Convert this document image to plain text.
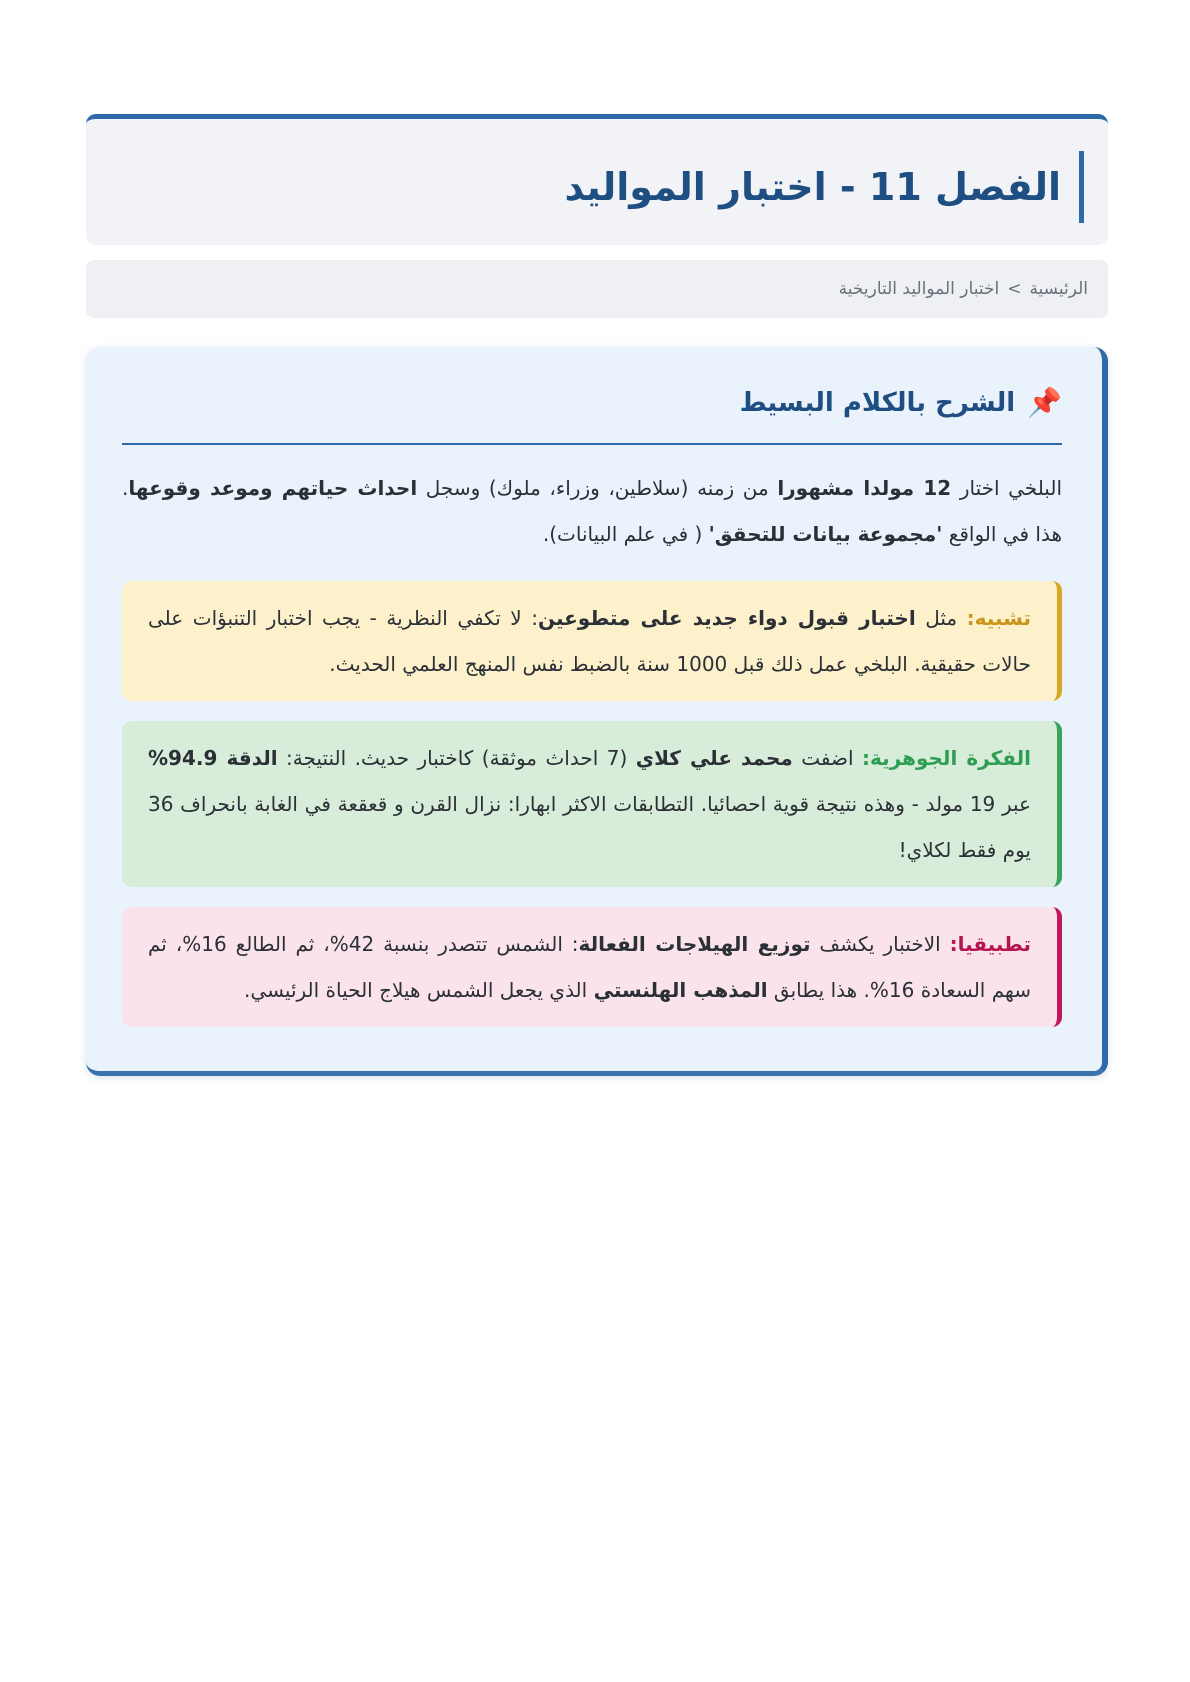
الفصل 11 - اختبار المواليد
الرئيسية
>
اختبار المواليد التاريخية
📌
الشرح بالكلام البسيط

البلخي اختار 12 مولدا مشهورا من زمنه (سلاطين، وزراء، ملوك) وسجل احداث حياتهم وموعد وقوعها. هذا في الواقع 'مجموعة بيانات للتحقق' ( في علم البيانات).

تشبيه: مثل اختبار قبول دواء جديد على متطوعين: لا تكفي النظرية - يجب اختبار التنبؤات على حالات حقيقية. البلخي عمل ذلك قبل 1000 سنة بالضبط نفس المنهج العلمي الحديث.
الفكرة الجوهرية: اضفت محمد علي كلاي (7 احداث موثقة) كاختبار حديث. النتيجة: الدقة 94.9% عبر 19 مولد - وهذه نتيجة قوية احصائيا. التطابقات الاكثر ابهارا: نزال القرن و قعقعة في الغابة بانحراف 36 يوم فقط لكلاي!
تطبيقيا: الاختبار يكشف توزيع الهيلاجات الفعالة: الشمس تتصدر بنسبة 42%، ثم الطالع 16%، ثم سهم السعادة 16%. هذا يطابق المذهب الهلنستي الذي يجعل الشمس هيلاج الحياة الرئيسي.
